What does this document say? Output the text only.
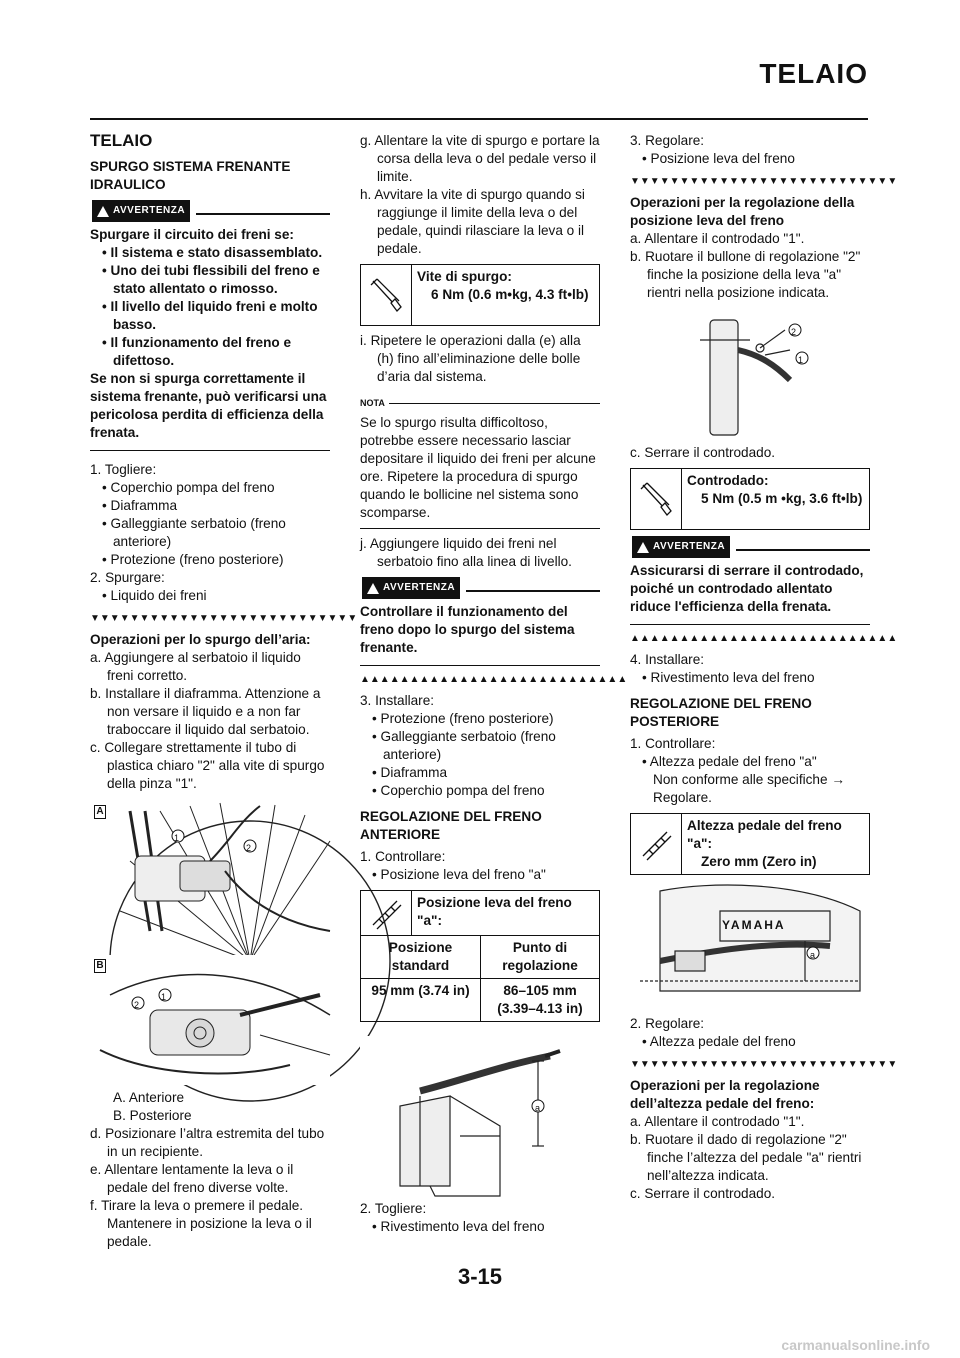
TELAIO
TELAIO
SPURGO SISTEMA FRENANTE IDRAULICO
AVVERTENZA

Spurgare il circuito dei freni se:

• Il sistema e stato disassemblato.

• Uno dei tubi flessibili del freno e stato allentato o rimosso.

• Il livello del liquido freni e molto basso.

• Il funzionamento del freno e difettoso.

Se non si spurga correttamente il sistema frenante, può verificarsi una pericolosa perdita di efficienza della frenata.

1. Togliere:

• Coperchio pompa del freno

• Diaframma

• Galleggiante serbatoio (freno anteriore)

• Protezione (freno posteriore)

2. Spurgare:

• Liquido dei freni

▼▼▼▼▼▼▼▼▼▼▼▼▼▼▼▼▼▼▼▼▼▼▼▼▼▼▼

Operazioni per lo spurgo dell’aria:

a. Aggiungere al serbatoio il liquido freni corretto.

b. Installare il diaframma. Attenzione a non versare il liquido e a non far traboccare il liquido dal serbatoio.

c. Collegare strettamente il tubo di plastica chiaro "2" alla vite di spurgo della pinza "1".

A
1
2
B
2
1

A. Anteriore

B. Posteriore

d. Posizionare l’altra estremita del tubo in un recipiente.

e. Allentare lentamente la leva o il pedale del freno diverse volte.

f. Tirare la leva o premere il pedale. Mantenere in posizione la leva o il pedale.

g. Allentare la vite di spurgo e portare la corsa della leva o del pedale verso il limite.

h. Avvitare la vite di spurgo quando si raggiunge il limite della leva o del pedale, quindi rilasciare la leva o il pedale.

Vite di spurgo:

6 Nm (0.6 m•kg, 4.3 ft•lb)

i. Ripetere le operazioni dalla (e) alla (h) fino all’eliminazione delle bolle d’aria dal sistema.

NOTA

Se lo spurgo risulta difficoltoso, potrebbe essere necessario lasciar depositare il liquido dei freni per alcune ore. Ripetere la procedura di spurgo quando le bollicine nel sistema sono scomparse.

j. Aggiungere liquido dei freni nel serbatoio fino alla linea di livello.

AVVERTENZA

Controllare il funzionamento del freno dopo lo spurgo del sistema frenante.

▲▲▲▲▲▲▲▲▲▲▲▲▲▲▲▲▲▲▲▲▲▲▲▲▲▲▲

3. Installare:

• Protezione (freno posteriore)

• Galleggiante serbatoio (freno anteriore)

• Diaframma

• Coperchio pompa del freno

REGOLAZIONE DEL FRENO ANTERIORE

1. Controllare:

• Posizione leva del freno "a"

Posizione leva del freno "a":
Posizione standard
Punto di regolazione
95 mm (3.74 in)	86–105 mm (3.39–4.13 in)
a

2. Togliere:

• Rivestimento leva del freno

3. Regolare:

• Posizione leva del freno

▼▼▼▼▼▼▼▼▼▼▼▼▼▼▼▼▼▼▼▼▼▼▼▼▼▼▼

Operazioni per la regolazione della posizione leva del freno

a. Allentare il controdado "1".

b. Ruotare il bullone di regolazione "2" finche la posizione della leva "a" rientri nella posizione indicata.

2
1

c. Serrare il controdado.

Controdado:

5 Nm (0.5 m •kg, 3.6 ft•lb)

AVVERTENZA

Assicurarsi di serrare il controdado, poiché un controdado allentato riduce l'efficienza della frenata.

▲▲▲▲▲▲▲▲▲▲▲▲▲▲▲▲▲▲▲▲▲▲▲▲▲▲▲

4. Installare:

• Rivestimento leva del freno

REGOLAZIONE DEL FRENO POSTERIORE

1. Controllare:

• Altezza pedale del freno "a"

Non conforme alle specifiche → Regolare.

Altezza pedale del freno "a":

Zero mm (Zero in)

YAMAHA
a

2. Regolare:

• Altezza pedale del freno

▼▼▼▼▼▼▼▼▼▼▼▼▼▼▼▼▼▼▼▼▼▼▼▼▼▼▼

Operazioni per la regolazione dell’altezza pedale del freno:

a. Allentare il controdado "1".

b. Ruotare il dado di regolazione "2" finche l’altezza del pedale "a" rientri nell’altezza indicata.

c. Serrare il controdado.

3-15
carmanualsonline.info
